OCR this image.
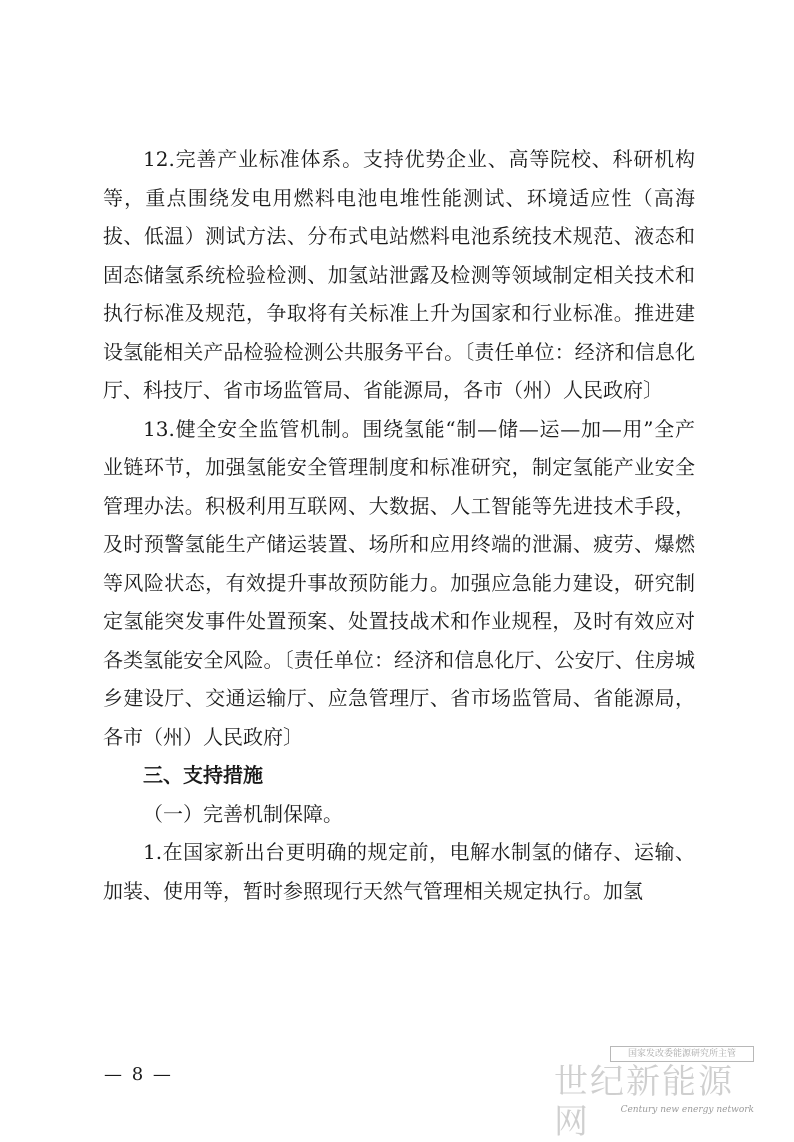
12.完善产业标准体系。支持优势企业、高等院校、科研机构等，重点围绕发电用燃料电池电堆性能测试、环境适应性（高海拔、低温）测试方法、分布式电站燃料电池系统技术规范、液态和固态储氢系统检验检测、加氢站泄露及检测等领域制定相关技术和执行标准及规范，争取将有关标准上升为国家和行业标准。推进建设氢能相关产品检验检测公共服务平台。〔责任单位：经济和信息化厅、科技厅、省市场监管局、省能源局，各市（州）人民政府〕

13.健全安全监管机制。围绕氢能“制—储—运—加—用”全产业链环节，加强氢能安全管理制度和标准研究，制定氢能产业安全管理办法。积极利用互联网、大数据、人工智能等先进技术手段，及时预警氢能生产储运装置、场所和应用终端的泄漏、疲劳、爆燃等风险状态，有效提升事故预防能力。加强应急能力建设，研究制定氢能突发事件处置预案、处置技战术和作业规程，及时有效应对各类氢能安全风险。〔责任单位：经济和信息化厅、公安厅、住房城乡建设厅、交通运输厅、应急管理厅、省市场监管局、省能源局，各市（州）人民政府〕

三、支持措施

（一）完善机制保障。

1.在国家新出台更明确的规定前，电解水制氢的储存、运输、加装、使用等，暂时参照现行天然气管理相关规定执行。加氢

— 8 —
国家发改委能源研究所主管
世纪新能源网	Century new energy network
